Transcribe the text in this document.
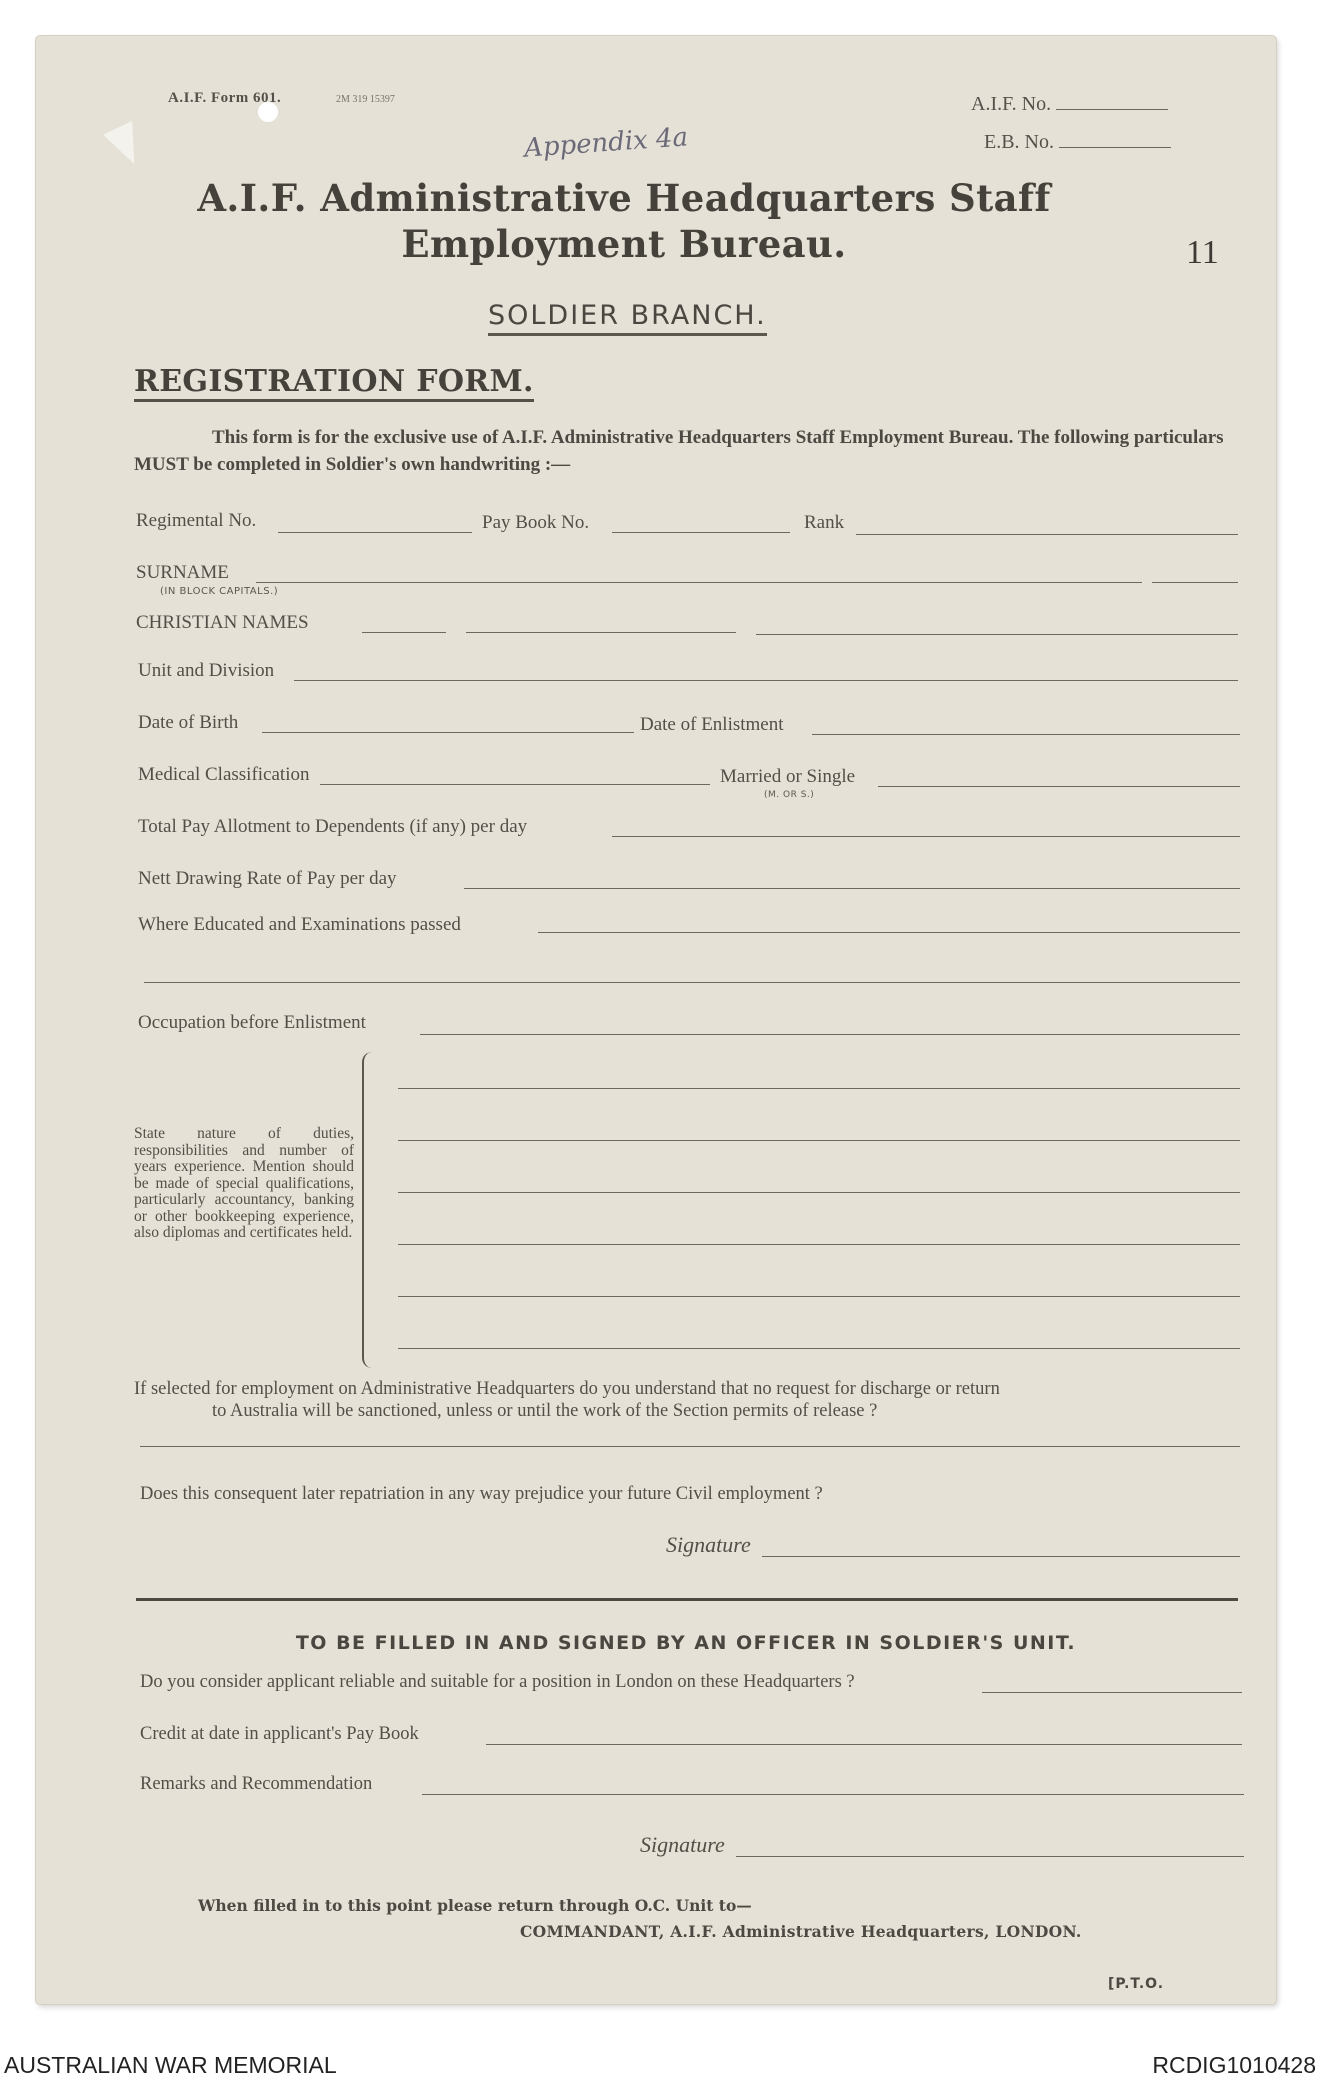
A.I.F. Form 601.	2M 319 15397
Appendix 4a
A.I.F. No.
E.B. No.
A.I.F. Administrative Headquarters Staff
Employment Bureau.	11
SOLDIER BRANCH.
REGISTRATION FORM.
This form is for the exclusive use of A.I.F. Administrative Headquarters Staff Employment Bureau. The following particulars MUST be completed in Soldier's own handwriting :—
Regimental No.	Pay Book No.	Rank
SURNAME
(IN BLOCK CAPITALS.)
CHRISTIAN NAMES
Unit and Division
Date of Birth	Date of Enlistment
Medical Classification	Married or Single
(M. OR S.)
Total Pay Allotment to Dependents (if any) per day
Nett Drawing Rate of Pay per day
Where Educated and Examinations passed
Occupation before Enlistment
State nature of duties, responsibilities and number of years experience. Mention should be made of special qualifications, particularly accountancy, banking or other bookkeeping experience, also diplomas and certificates held.
If selected for employment on Administrative Headquarters do you understand that no request for discharge or return
to Australia will be sanctioned, unless or until the work of the Section permits of release ?
Does this consequent later repatriation in any way prejudice your future Civil employment ?
Signature
TO BE FILLED IN AND SIGNED BY AN OFFICER IN SOLDIER'S UNIT.
Do you consider applicant reliable and suitable for a position in London on these Headquarters ?
Credit at date in applicant's Pay Book
Remarks and Recommendation
Signature
When filled in to this point please return through O.C. Unit to—
COMMANDANT, A.I.F. Administrative Headquarters, LONDON.
[P.T.O.
AUSTRALIAN WAR MEMORIAL	RCDIG1010428
